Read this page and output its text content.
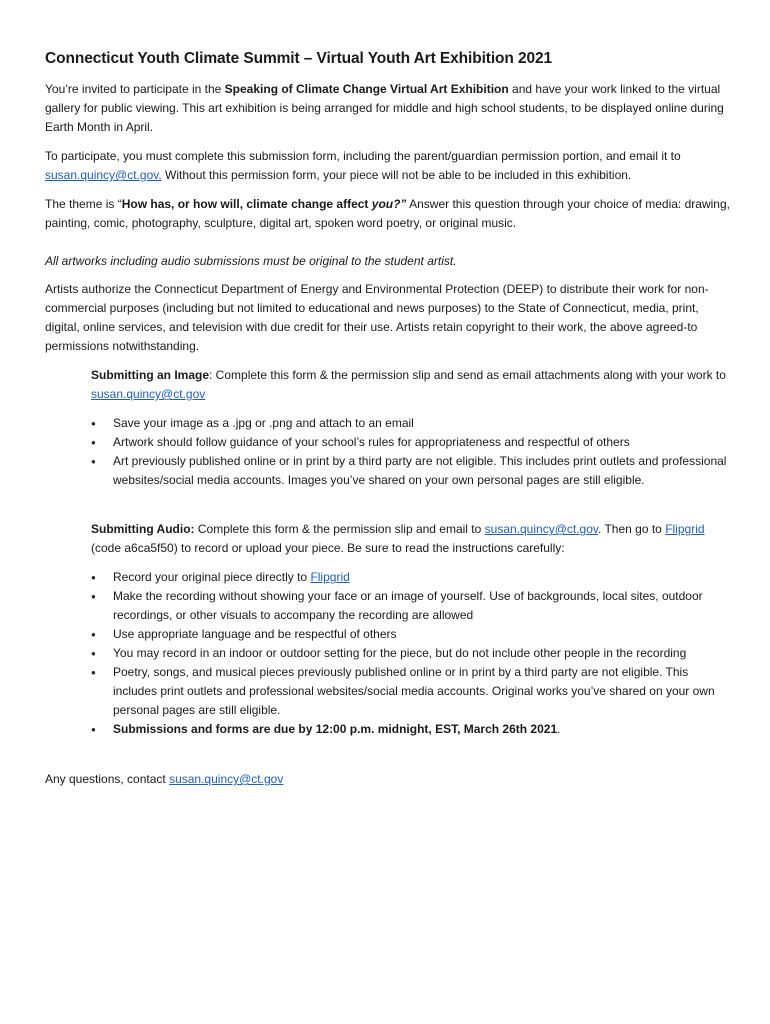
Connecticut Youth Climate Summit – Virtual Youth Art Exhibition 2021

You’re invited to participate in the Speaking of Climate Change Virtual Art Exhibition and have your work linked to the virtual gallery for public viewing. This art exhibition is being arranged for middle and high school students, to be displayed online during Earth Month in April.

To participate, you must complete this submission form, including the parent/guardian permission portion, and email it to susan.quincy@ct.gov. Without this permission form, your piece will not be able to be included in this exhibition.

The theme is “How has, or how will, climate change affect you?” Answer this question through your choice of media: drawing, painting, comic, photography, sculpture, digital art, spoken word poetry, or original music.

All artworks including audio submissions must be original to the student artist.

Artists authorize the Connecticut Department of Energy and Environmental Protection (DEEP) to distribute their work for non-commercial purposes (including but not limited to educational and news purposes) to the State of Connecticut, media, print, digital, online services, and television with due credit for their use. Artists retain copyright to their work, the above agreed-to permissions notwithstanding.

Submitting an Image: Complete this form & the permission slip and send as email attachments along with your work to susan.quincy@ct.gov

● Save your image as a .jpg or .png and attach to an email
● Artwork should follow guidance of your school’s rules for appropriateness and respectful of others
● Art previously published online or in print by a third party are not eligible. This includes print outlets and professional websites/social media accounts. Images you’ve shared on your own personal pages are still eligible.

Submitting Audio: Complete this form & the permission slip and email to susan.quincy@ct.gov. Then go to Flipgrid (code a6ca5f50) to record or upload your piece. Be sure to read the instructions carefully:

● Record your original piece directly to Flipgrid
● Make the recording without showing your face or an image of yourself. Use of backgrounds, local sites, outdoor recordings, or other visuals to accompany the recording are allowed
● Use appropriate language and be respectful of others
● You may record in an indoor or outdoor setting for the piece, but do not include other people in the recording
● Poetry, songs, and musical pieces previously published online or in print by a third party are not eligible. This includes print outlets and professional websites/social media accounts. Original works you’ve shared on your own personal pages are still eligible.
● Submissions and forms are due by 12:00 p.m. midnight, EST, March 26th 2021.

Any questions, contact susan.quincy@ct.gov
